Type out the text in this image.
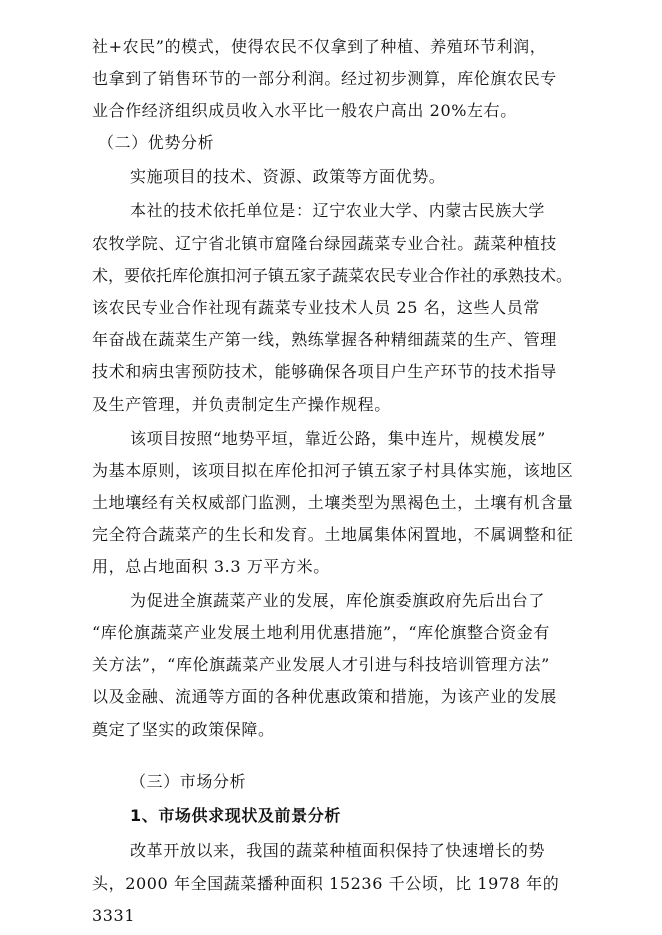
社+农民”的模式，使得农民不仅拿到了种植、养殖环节利润，
也拿到了销售环节的一部分利润。经过初步测算，库伦旗农民专
业合作经济组织成员收入水平比一般农户高出 20%左右。
（二）优势分析
实施项目的技术、资源、政策等方面优势。
本社的技术依托单位是：辽宁农业大学、内蒙古民族大学
农牧学院、辽宁省北镇市窟隆台绿园蔬菜专业合社。蔬菜种植技
术，要依托库伦旗扣河子镇五家子蔬菜农民专业合作社的承熟技术。
该农民专业合作社现有蔬菜专业技术人员 25 名，这些人员常
年奋战在蔬菜生产第一线，熟练掌握各种精细蔬菜的生产、管理
技术和病虫害预防技术，能够确保各项目户生产环节的技术指导
及生产管理，并负责制定生产操作规程。
该项目按照“地势平垣，靠近公路，集中连片，规模发展”
为基本原则，该项目拟在库伦扣河子镇五家子村具体实施，该地区
土地壤经有关权威部门监测，土壤类型为黑褐色土，土壤有机含量
完全符合蔬菜产的生长和发育。土地属集体闲置地，不属调整和征
用，总占地面积 3.3 万平方米。
为促进全旗蔬菜产业的发展，库伦旗委旗政府先后出台了
“库伦旗蔬菜产业发展土地利用优惠措施”，“库伦旗整合资金有
关方法”，“库伦旗蔬菜产业发展人才引进与科技培训管理方法”
以及金融、流通等方面的各种优惠政策和措施，为该产业的发展
奠定了坚实的政策保障。
（三）市场分析
1、市场供求现状及前景分析
改革开放以来，我国的蔬菜种植面积保持了快速增长的势
头，2000 年全国蔬菜播种面积 15236 千公顷，比 1978 年的
3331
